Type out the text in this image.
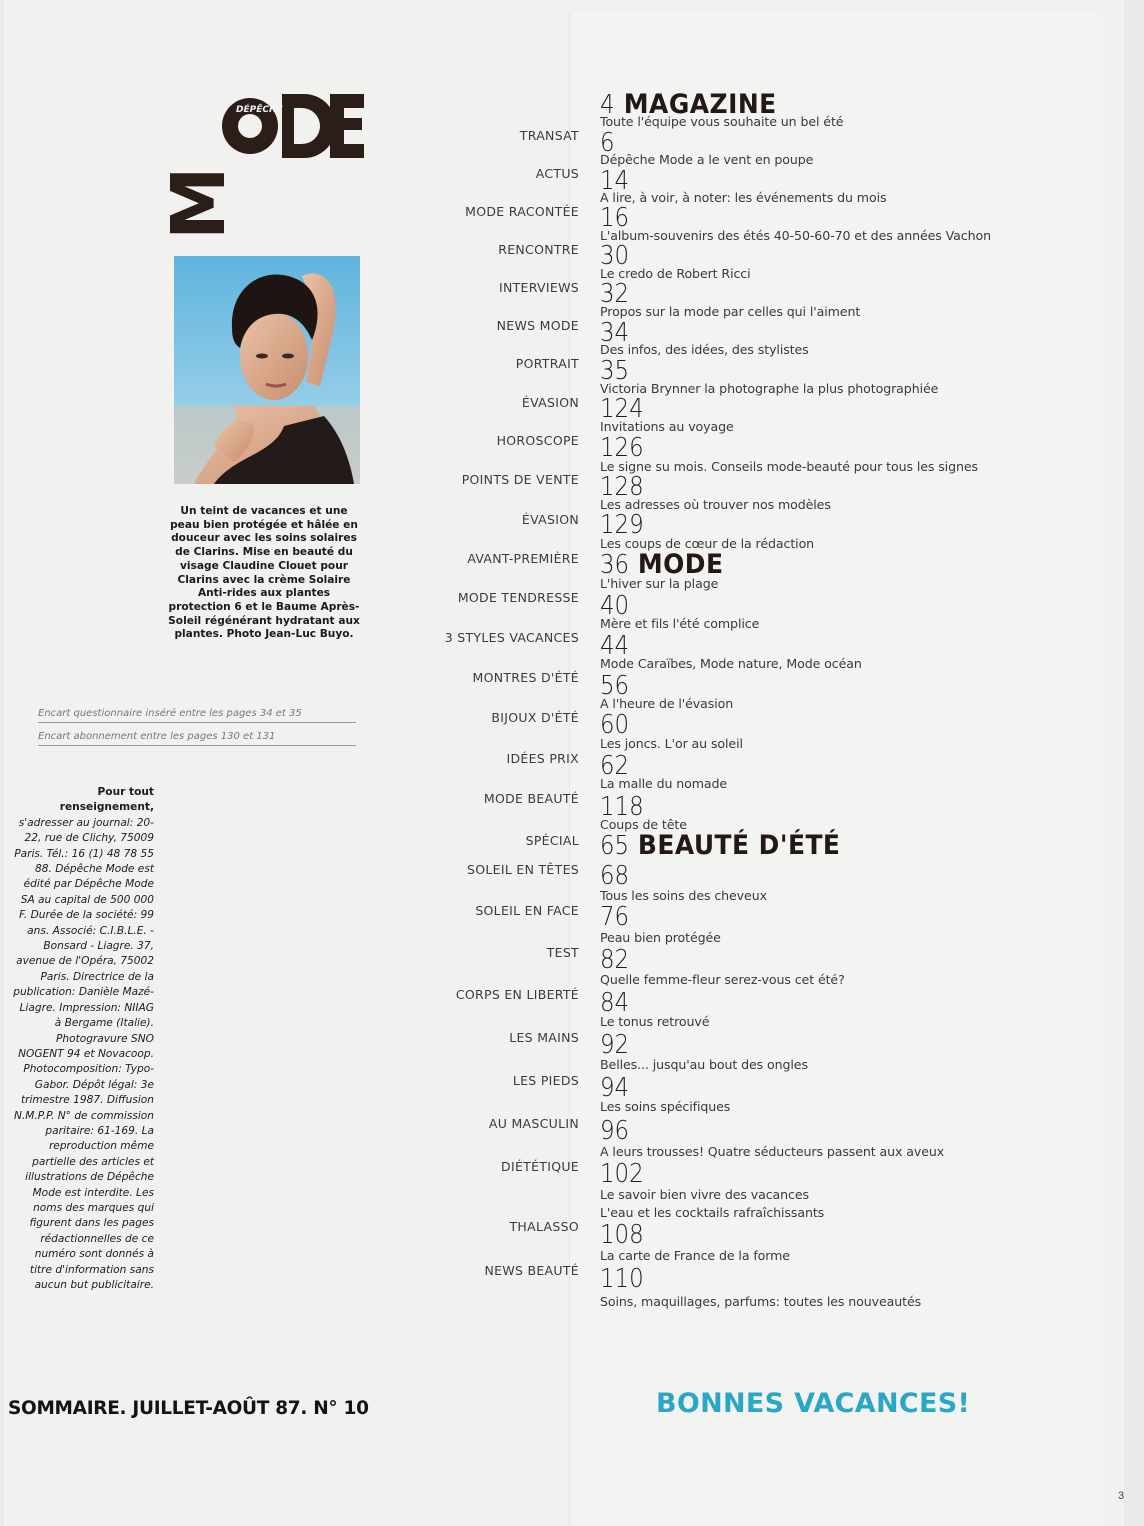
M
DÉPÊCHE
Un teint de vacances et une peau bien protégée et hâlée en douceur avec les soins solaires de Clarins. Mise en beauté du visage Claudine Clouet pour Clarins avec la crème Solaire Anti-rides aux plantes protection 6 et le Baume Après-Soleil régénérant hydratant aux plantes. Photo Jean-Luc Buyo.
Encart questionnaire inséré entre les pages 34 et 35
Encart abonnement entre les pages 130 et 131
Pour tout renseignement, s'adresser au journal: 20-22, rue de Clichy, 75009 Paris. Tél.: 16 (1) 48 78 55 88. Dépêche Mode est édité par Dépêche Mode SA au capital de 500 000 F. Durée de la société: 99 ans. Associé: C.I.B.L.E. - Bonsard - Liagre. 37, avenue de l'Opéra, 75002 Paris. Directrice de la publication: Danièle Mazé-Liagre. Impression: NIIAG à Bergame (Italie). Photogravure SNO NOGENT 94 et Novacoop. Photocomposition: Typo-Gabor. Dépôt légal: 3e trimestre 1987. Diffusion N.M.P.P. N° de commission paritaire: 61-169. La reproduction même partielle des articles et illustrations de Dépêche Mode est interdite. Les noms des marques qui figurent dans les pages rédactionnelles de ce numéro sont donnés à titre d'information sans aucun but publicitaire.
SOMMAIRE. JUILLET-AOÛT 87. N° 10	BONNES VACANCES!
3
4 MAGAZINE
Toute l'équipe vous souhaite un bel été
TRANSAT 6
Dépêche Mode a le vent en poupe
ACTUS 14
A lire, à voir, à noter: les événements du mois
MODE RACONTÉE 16
L'album-souvenirs des étés 40-50-60-70 et des années Vachon
RENCONTRE 30
Le credo de Robert Ricci
INTERVIEWS 32
Propos sur la mode par celles qui l'aiment
NEWS MODE 34
Des infos, des idées, des stylistes
PORTRAIT 35
Victoria Brynner la photographe la plus photographiée
ÉVASION 124
Invitations au voyage
HOROSCOPE 126
Le signe su mois. Conseils mode-beauté pour tous les signes
POINTS DE VENTE 128
Les adresses où trouver nos modèles
ÉVASION 129
Les coups de cœur de la rédaction
AVANT-PREMIÈRE 36 MODE
L'hiver sur la plage
MODE TENDRESSE 40
Mère et fils l'été complice
3 STYLES VACANCES 44
Mode Caraïbes, Mode nature, Mode océan
MONTRES D'ÉTÉ 56
A l'heure de l'évasion
BIJOUX D'ÉTÉ 60
Les joncs. L'or au soleil
IDÉES PRIX 62
La malle du nomade
MODE BEAUTÉ 118
Coups de tête
SPÉCIAL 65 BEAUTÉ D'ÉTÉ
SOLEIL EN TÊTES 68
Tous les soins des cheveux
SOLEIL EN FACE 76
Peau bien protégée
TEST 82
Quelle femme-fleur serez-vous cet été?
CORPS EN LIBERTÉ 84
Le tonus retrouvé
LES MAINS 92
Belles... jusqu'au bout des ongles
LES PIEDS 94
Les soins spécifiques
AU MASCULIN 96
A leurs trousses! Quatre séducteurs passent aux aveux
DIÉTÉTIQUE 102
Le savoir bien vivre des vacances
L'eau et les cocktails rafraîchissants
THALASSO 108
La carte de France de la forme
NEWS BEAUTÉ 110
Soins, maquillages, parfums: toutes les nouveautés
